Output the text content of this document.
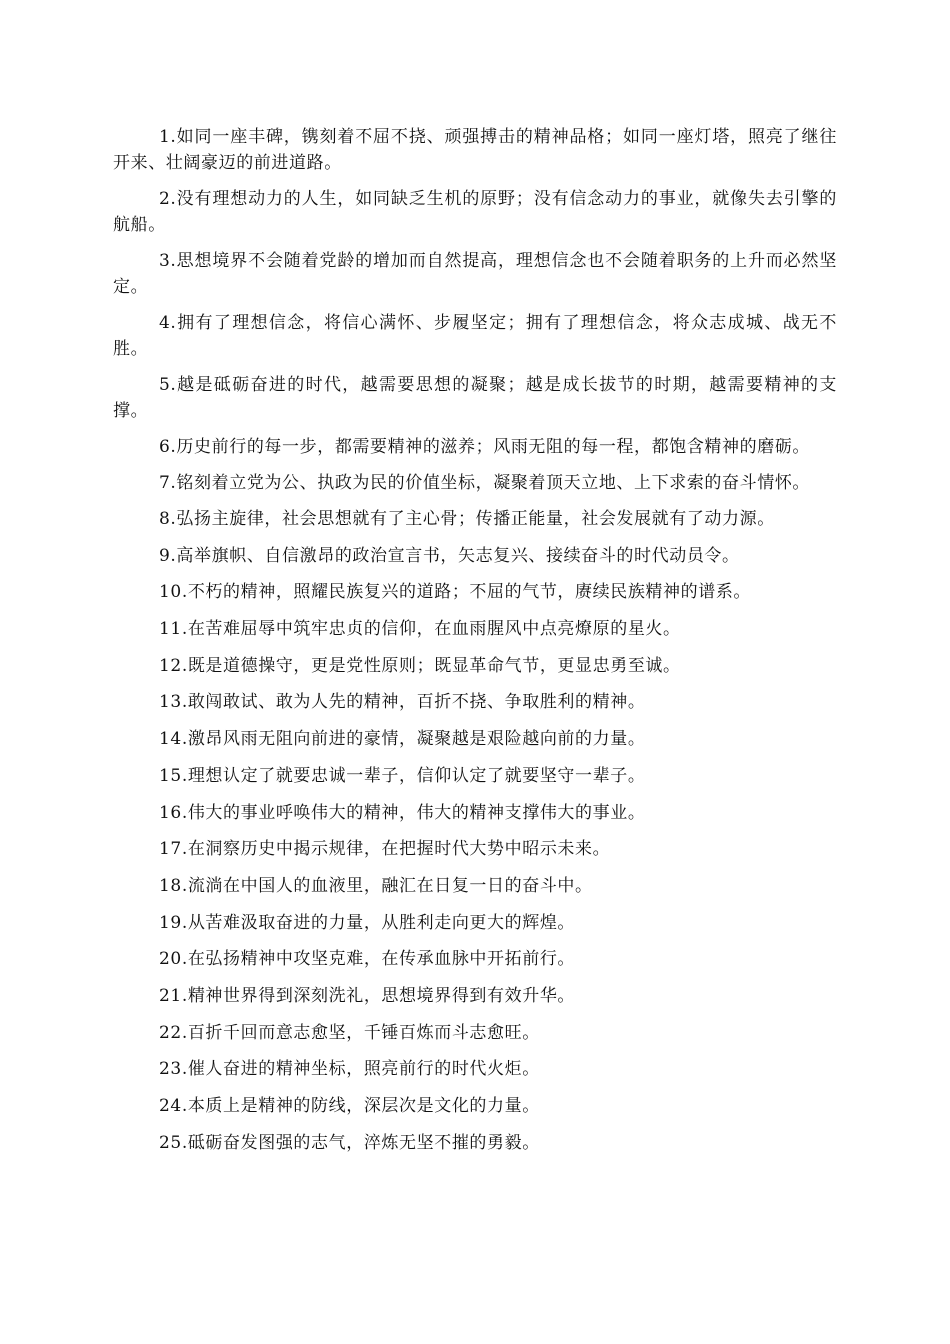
1.如同一座丰碑，镌刻着不屈不挠、顽强搏击的精神品格；如同一座灯塔，照亮了继往开来、壮阔豪迈的前进道路。

2.没有理想动力的人生，如同缺乏生机的原野；没有信念动力的事业，就像失去引擎的航船。

3.思想境界不会随着党龄的增加而自然提高，理想信念也不会随着职务的上升而必然坚定。

4.拥有了理想信念，将信心满怀、步履坚定；拥有了理想信念，将众志成城、战无不胜。

5.越是砥砺奋进的时代，越需要思想的凝聚；越是成长拔节的时期，越需要精神的支撑。

6.历史前行的每一步，都需要精神的滋养；风雨无阻的每一程，都饱含精神的磨砺。

7.铭刻着立党为公、执政为民的价值坐标，凝聚着顶天立地、上下求索的奋斗情怀。

8.弘扬主旋律，社会思想就有了主心骨；传播正能量，社会发展就有了动力源。

9.高举旗帜、自信激昂的政治宣言书，矢志复兴、接续奋斗的时代动员令。

10.不朽的精神，照耀民族复兴的道路；不屈的气节，赓续民族精神的谱系。

11.在苦难屈辱中筑牢忠贞的信仰，在血雨腥风中点亮燎原的星火。

12.既是道德操守，更是党性原则；既显革命气节，更显忠勇至诚。

13.敢闯敢试、敢为人先的精神，百折不挠、争取胜利的精神。

14.激昂风雨无阻向前进的豪情，凝聚越是艰险越向前的力量。

15.理想认定了就要忠诚一辈子，信仰认定了就要坚守一辈子。

16.伟大的事业呼唤伟大的精神，伟大的精神支撑伟大的事业。

17.在洞察历史中揭示规律，在把握时代大势中昭示未来。

18.流淌在中国人的血液里，融汇在日复一日的奋斗中。

19.从苦难汲取奋进的力量，从胜利走向更大的辉煌。

20.在弘扬精神中攻坚克难，在传承血脉中开拓前行。

21.精神世界得到深刻洗礼，思想境界得到有效升华。

22.百折千回而意志愈坚，千锤百炼而斗志愈旺。

23.催人奋进的精神坐标，照亮前行的时代火炬。

24.本质上是精神的防线，深层次是文化的力量。

25.砥砺奋发图强的志气，淬炼无坚不摧的勇毅。
